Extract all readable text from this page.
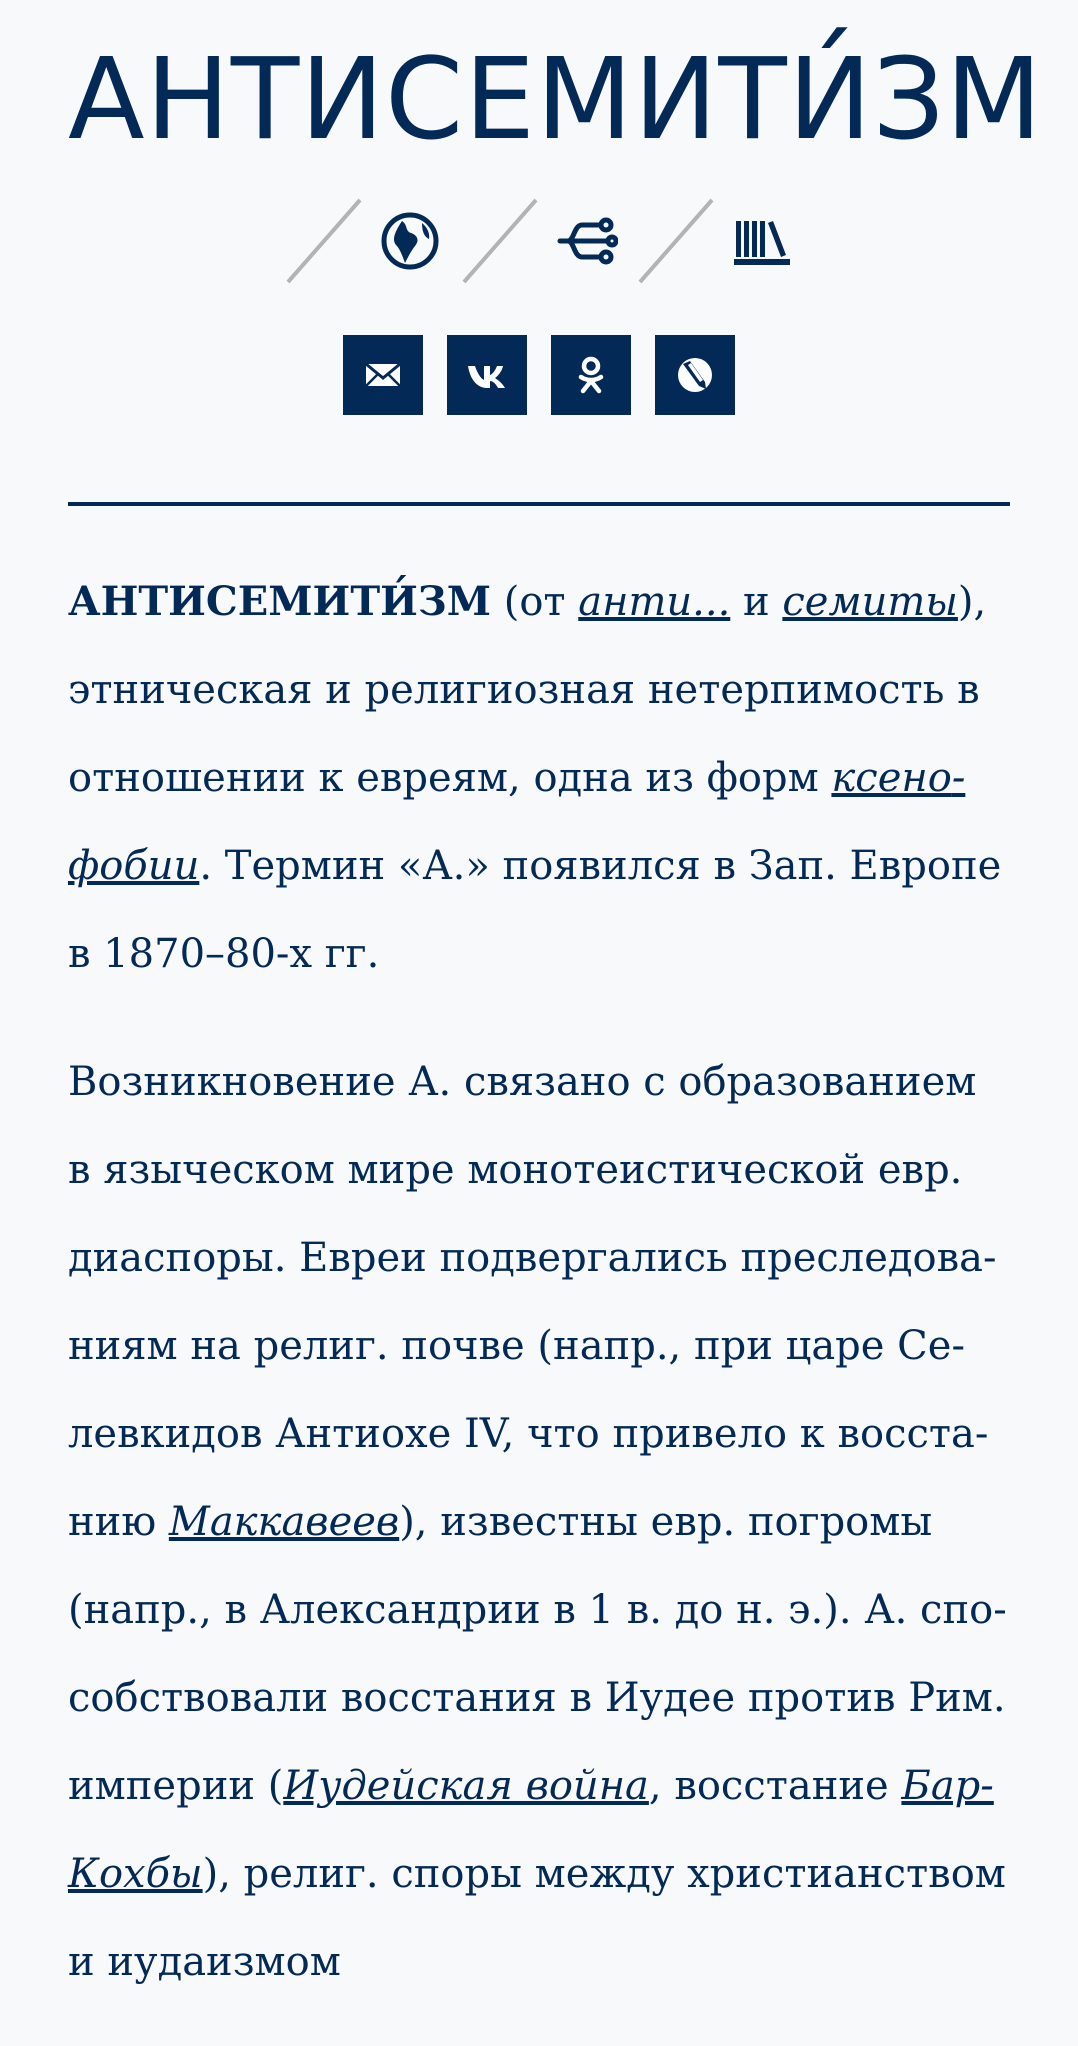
АНТИСЕМИТИ́ЗМ

АНТИСЕМИТИ́ЗМ (от анти... и семиты), этническая и религиозная нетерпимость в отношении к евреям, одна из форм ксенофобии. Термин «А.» появился в Зап. Европе в 1870–80-х гг.

Возникновение А. связано с образованием в языческом мире монотеистической евр. диаспоры. Евреи подвергались преследованиям на религ. почве (напр., при царе Селевкидов Антиохе IV, что привело к восстанию Маккавеев), известны евр. погромы (напр., в Александрии в 1 в. до н. э.). А. способствовали восстания в Иудее против Рим. империи (Иудейская война, восстание Бар-Кохбы), религ. споры между христианством и иудаизмом
